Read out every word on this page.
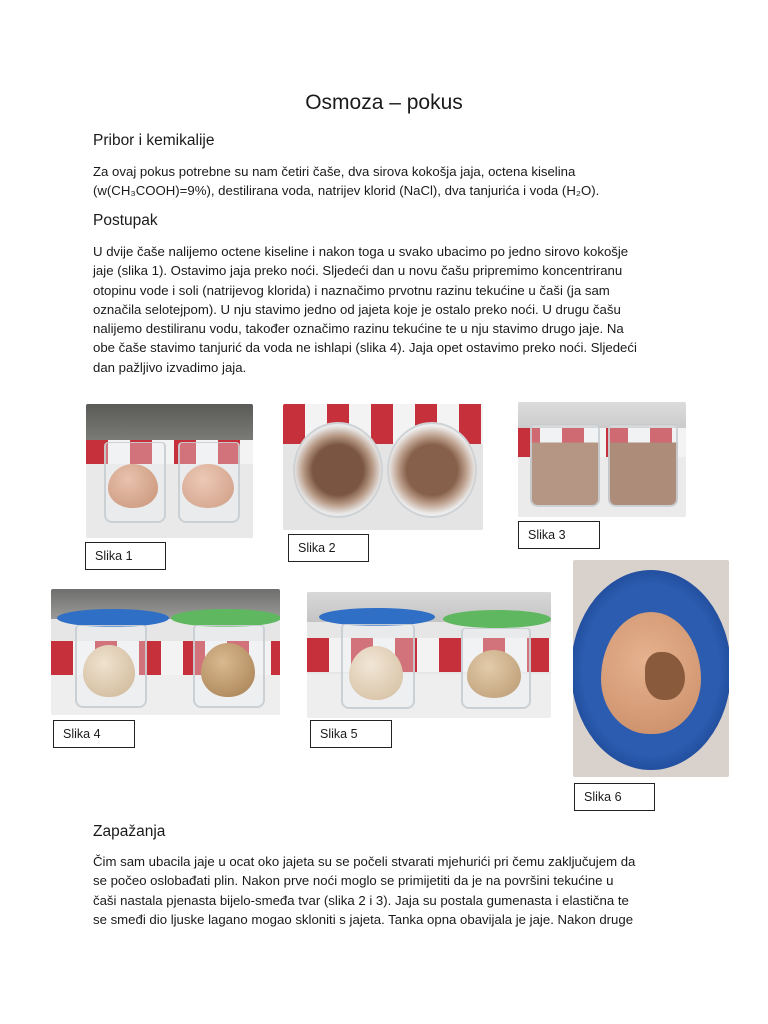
Osmoza – pokus
Pribor i kemikalije
Za ovaj pokus potrebne su nam četiri čaše, dva sirova kokošja jaja, octena kiselina
(w(CH₃COOH)=9%), destilirana voda, natrijev klorid (NaCl), dva tanjurića i voda (H₂O).
Postupak
U dvije čaše nalijemo octene kiseline i nakon toga u svako ubacimo po jedno sirovo kokošje
jaje (slika 1). Ostavimo jaja preko noći. Sljedeći dan u novu čašu pripremimo koncentriranu
otopinu vode i soli (natrijevog klorida) i naznačimo prvotnu razinu tekućine u čaši (ja sam
označila selotejpom). U nju stavimo jedno od jajeta koje je ostalo preko noći. U drugu čašu
nalijemo destiliranu vodu, također označimo razinu tekućine te u nju stavimo drugo jaje. Na
obe čaše stavimo tanjurić da voda ne ishlapi (slika 4). Jaja opet ostavimo preko noći. Sljedeći
dan pažljivo izvadimo jaja.
Slika 1
Slika 2
Slika 3
Slika 6
Slika 4	Slika 5
Zapažanja
Čim sam ubacila jaje u ocat oko jajeta su se počeli stvarati mjehurići pri čemu zaključujem da
se počeo oslobađati plin. Nakon prve noći moglo se primijetiti da je na površini tekućine u
čaši nastala pjenasta bijelo-smeđa tvar (slika 2 i 3). Jaja su postala gumenasta i elastična te
se smeđi dio ljuske lagano mogao skloniti s jajeta. Tanka opna obavijala je jaje. Nakon druge
